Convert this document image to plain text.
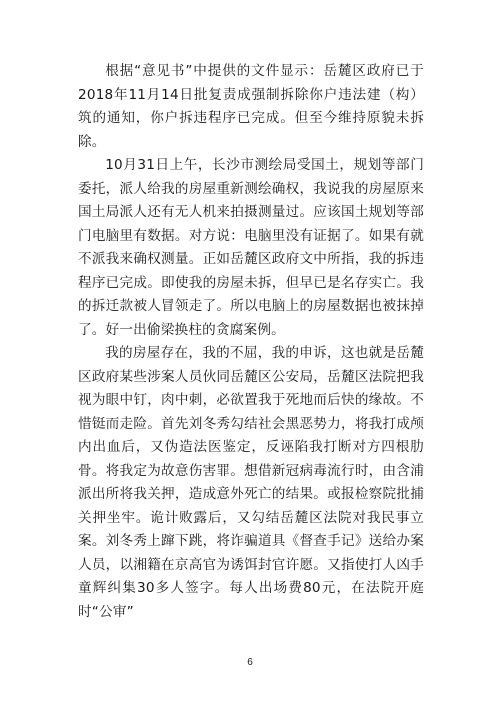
根据“意见书”中提供的文件显示：岳麓区政府已于2018年11月14日批复责成强制拆除你户违法建（构）筑的通知，你户拆违程序已完成。但至今维持原貌未拆除。

10月31日上午，长沙市测绘局受国土，规划等部门委托，派人给我的房屋重新测绘确权，我说我的房屋原来国土局派人还有无人机来拍摄测量过。应该国土规划等部门电脑里有数据。对方说：电脑里没有证据了。如果有就不派我来确权测量。正如岳麓区政府文中所指，我的拆违程序已完成。即使我的房屋未拆，但早已是名存实亡。我的拆迁款被人冒领走了。所以电脑上的房屋数据也被抹掉了。好一出偷梁换柱的贪腐案例。

我的房屋存在，我的不屈，我的申诉，这也就是岳麓区政府某些涉案人员伙同岳麓区公安局，岳麓区法院把我视为眼中钉，肉中刺，必欲置我于死地而后快的缘故。不惜铤而走险。首先刘冬秀勾结社会黑恶势力，将我打成颅内出血后，又伪造法医鉴定，反诬陷我打断对方四根肋骨。将我定为故意伤害罪。想借新冠病毒流行时，由含浦派出所将我关押，造成意外死亡的结果。或报检察院批捕关押坐牢。诡计败露后，又勾结岳麓区法院对我民事立案。刘冬秀上蹿下跳，将诈骗道具《督查手记》送给办案人员，以湘籍在京高官为诱饵封官许愿。又指使打人凶手童辉纠集30多人签字。每人出场费80元，在法院开庭时“公审”

6
